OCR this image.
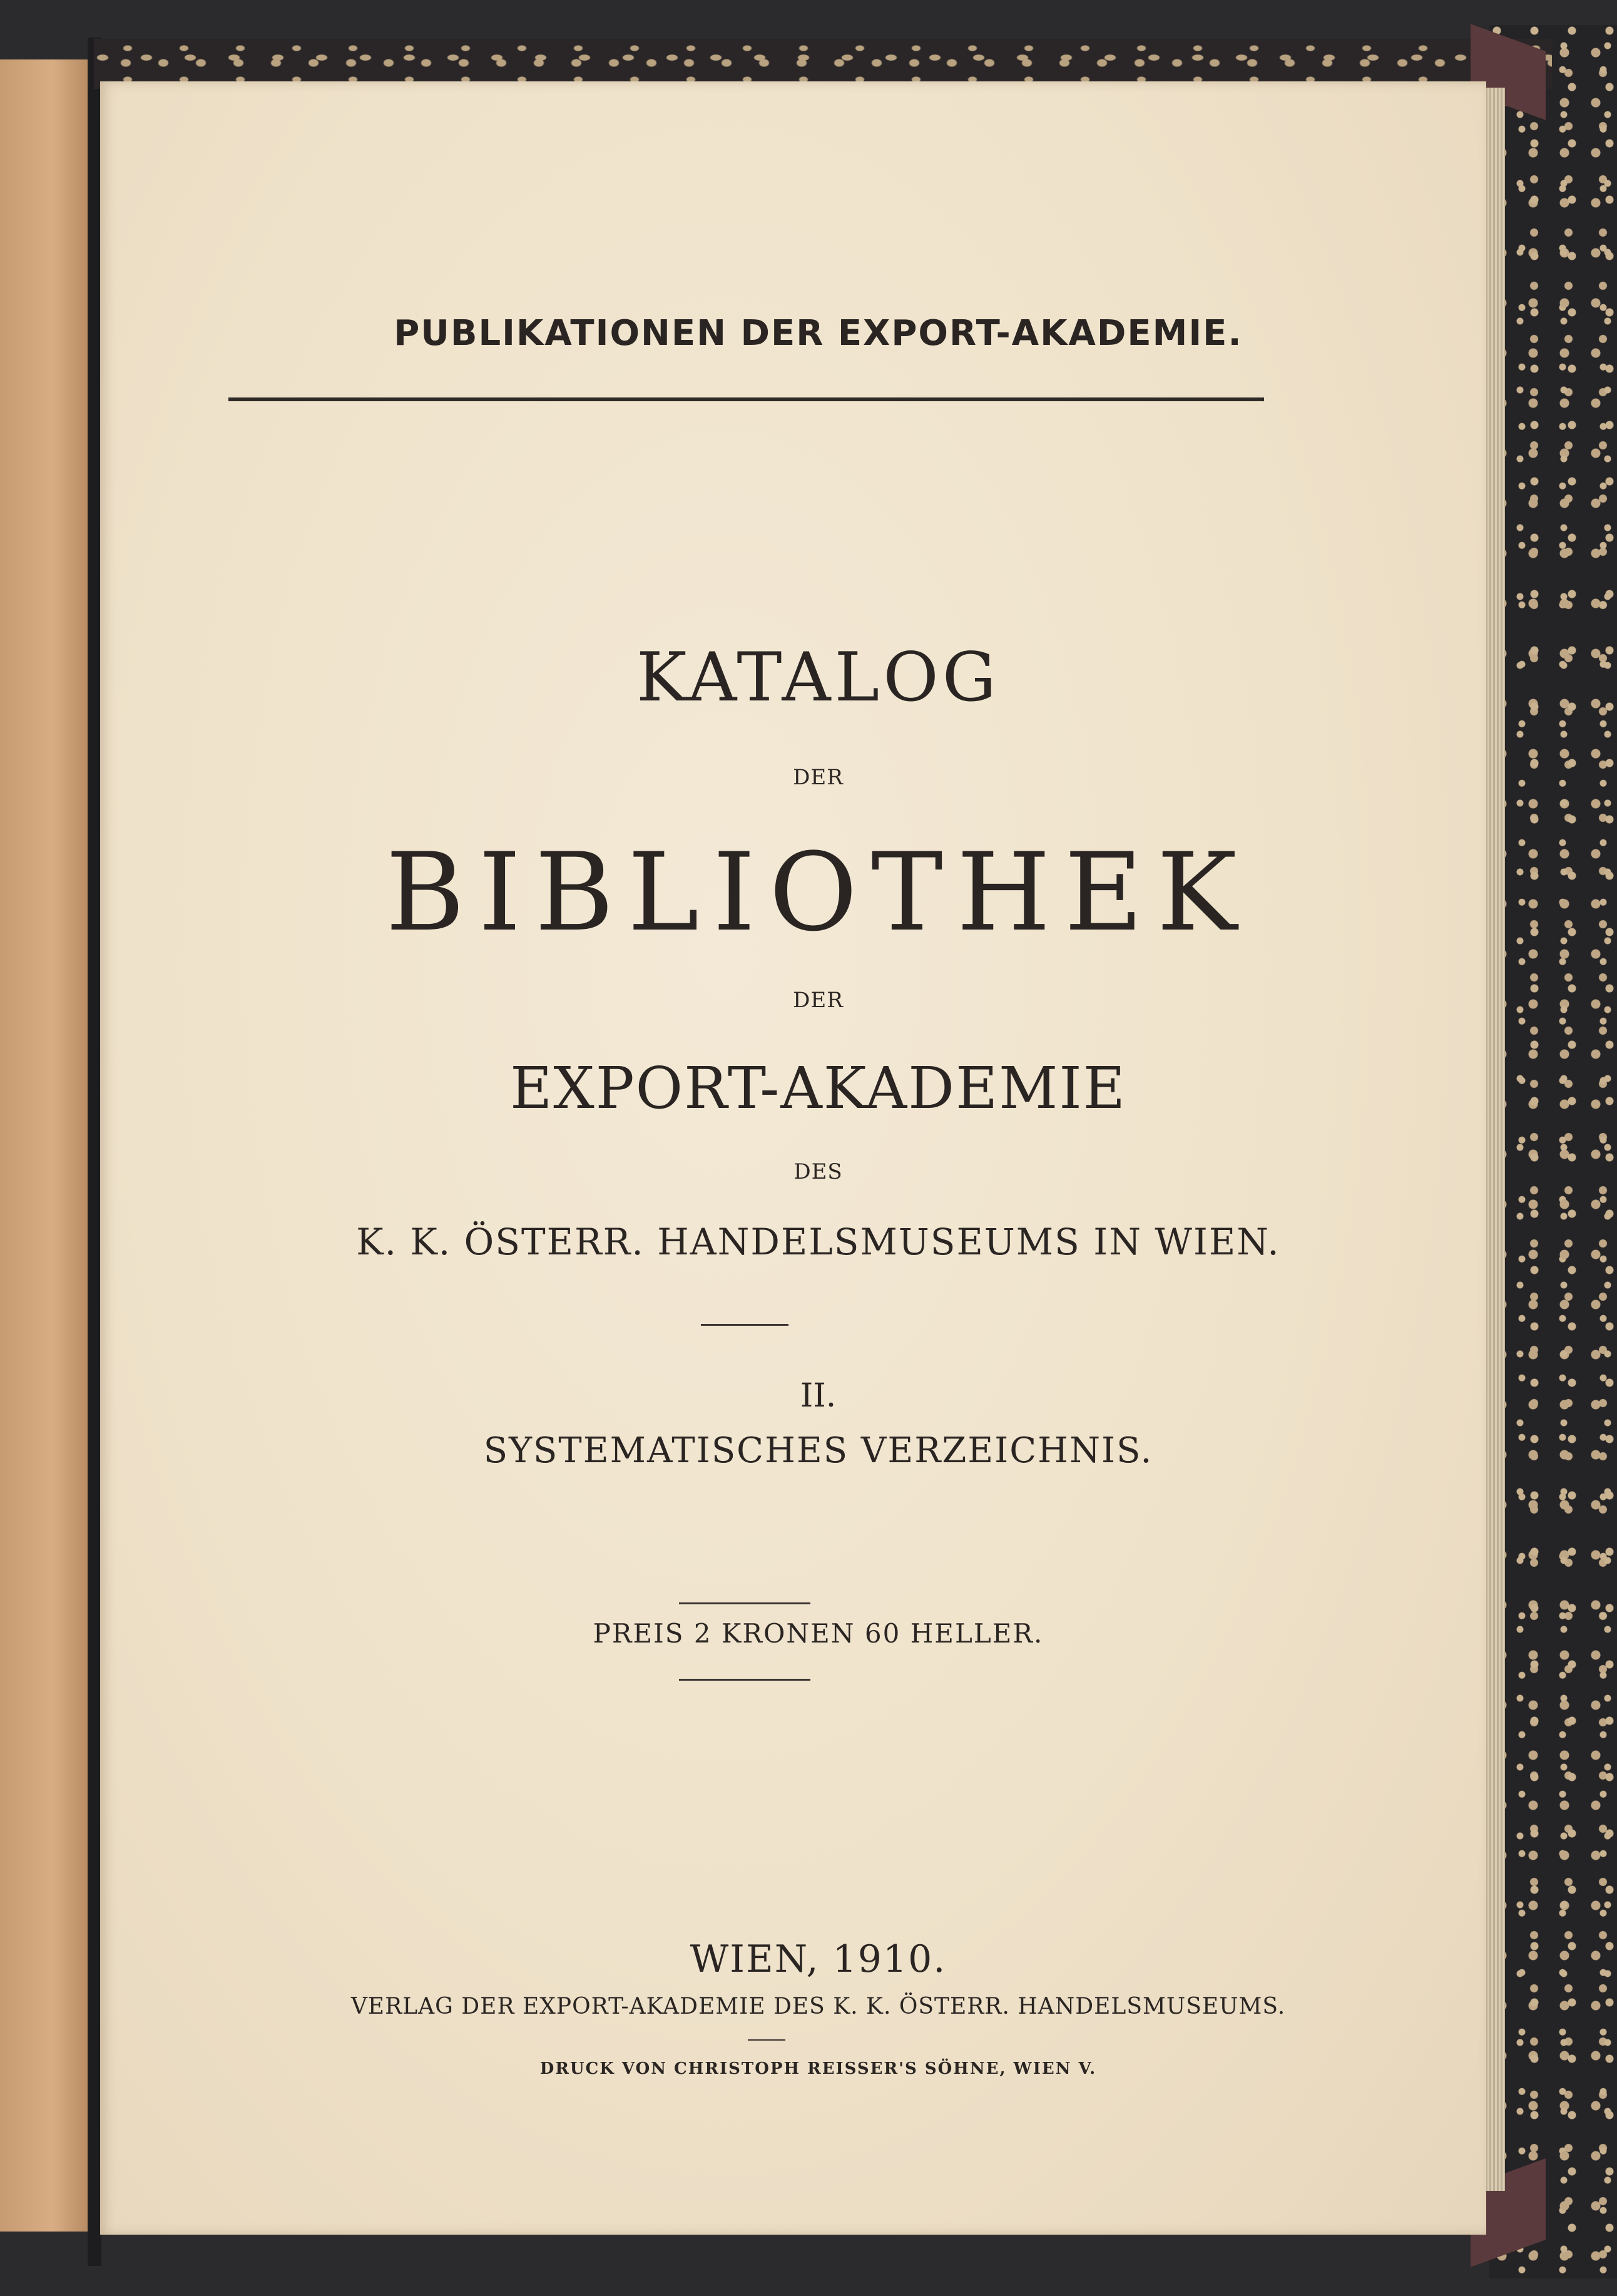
PUBLIKATIONEN DER EXPORT-AKADEMIE.
KATALOG
DER
BIBLIOTHEK
DER
EXPORT-AKADEMIE
DES
K. K. ÖSTERR. HANDELSMUSEUMS IN WIEN.
II.
SYSTEMATISCHES VERZEICHNIS.
PREIS 2 KRONEN 60 HELLER.
WIEN, 1910.
VERLAG DER EXPORT-AKADEMIE DES K. K. ÖSTERR. HANDELSMUSEUMS.
DRUCK VON CHRISTOPH REISSER'S SÖHNE, WIEN V.
